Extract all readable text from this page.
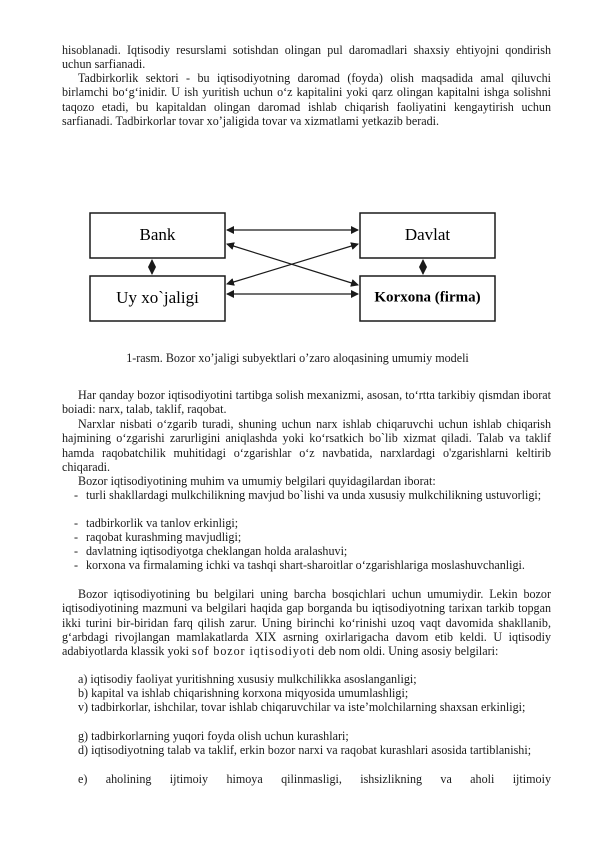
hisoblanadi. Iqtisodiy resurslami sotishdan olingan pul daromadlari shaxsiy ehtiyojni qondirish uchun sarfianadi.

Tadbirkorlik sektori - bu iqtisodiyotning daromad (foyda) olish maqsadida amal qiluvchi birlamchi bo‘g‘inidir. U ish yuritish uchun o‘z kapitalini yoki qarz olingan kapitalni ishga solishni taqozo etadi, bu kapitaldan olingan daromad ishlab chiqarish faoliyatini kengaytirish uchun sarfianadi. Tadbirkorlar tovar xo’jaligida tovar va xizmatlami yetkazib beradi.

Bank	Davlat
Uy xo`jaligi	Korxona (firma)
1-rasm. Bozor xo’jaligi subyektlari o’zaro aloqasining umumiy modeli

Har qanday bozor iqtisodiyotini tartibga solish mexanizmi, asosan, to‘rtta tarkibiy qismdan iborat boiadi: narx, talab, taklif, raqobat.

Narxlar nisbati o‘zgarib turadi, shuning uchun narx ishlab chiqaruvchi uchun ishlab chiqarish hajmining o‘zgarishi zarurligini aniqlashda yoki ko‘rsatkich bo`lib xizmat qiladi. Talab va taklif hamda raqobatchilik muhitidagi o‘zgarishlar o‘z navbatida, narxlardagi o'zgarishlarni keltirib chiqaradi.

Bozor iqtisodiyotining muhim va umumiy belgilari quyidagilardan iborat:

- turli shakllardagi mulkchilikning mavjud bo`lishi va unda xususiy mulkchilikning ustuvorligi;

- tadbirkorlik va tanlov erkinligi;

- raqobat kurashming mavjudligi;

- davlatning iqtisodiyotga cheklangan holda aralashuvi;

- korxona va firmalaming ichki va tashqi shart-sharoitlar o‘zgarishlariga moslashuvchanligi.

Bozor iqtisodiyotining bu belgilari uning barcha bosqichlari uchun umumiydir. Lekin bozor iqtisodiyotining mazmuni va belgilari haqida gap borganda bu iqtisodiyotning tarixan tarkib topgan ikki turini bir-biridan farq qilish zarur. Uning birinchi ko‘rinishi uzoq vaqt davomida shakllanib, g‘arbdagi rivojlangan mamlakatlarda XIX asrning oxirlarigacha davom etib keldi. U iqtisodiy adabiyotlarda klassik yoki sof bozor iqtisodiyoti deb nom oldi. Uning asosiy belgilari:

a) iqtisodiy faoliyat yuritishning xususiy mulkchilikka asoslanganligi;

b) kapital va ishlab chiqarishning korxona miqyosida umumlashligi;

v) tadbirkorlar, ishchilar, tovar ishlab chiqaruvchilar va iste’molchilarning shaxsan erkinligi;

g) tadbirkorlarning yuqori foyda olish uchun kurashlari;

d) iqtisodiyotning talab va taklif, erkin bozor narxi va raqobat kurashlari asosida tartiblanishi;

e) aholining ijtimoiy himoya qilinmasligi, ishsizlikning va aholi ijtimoiy
